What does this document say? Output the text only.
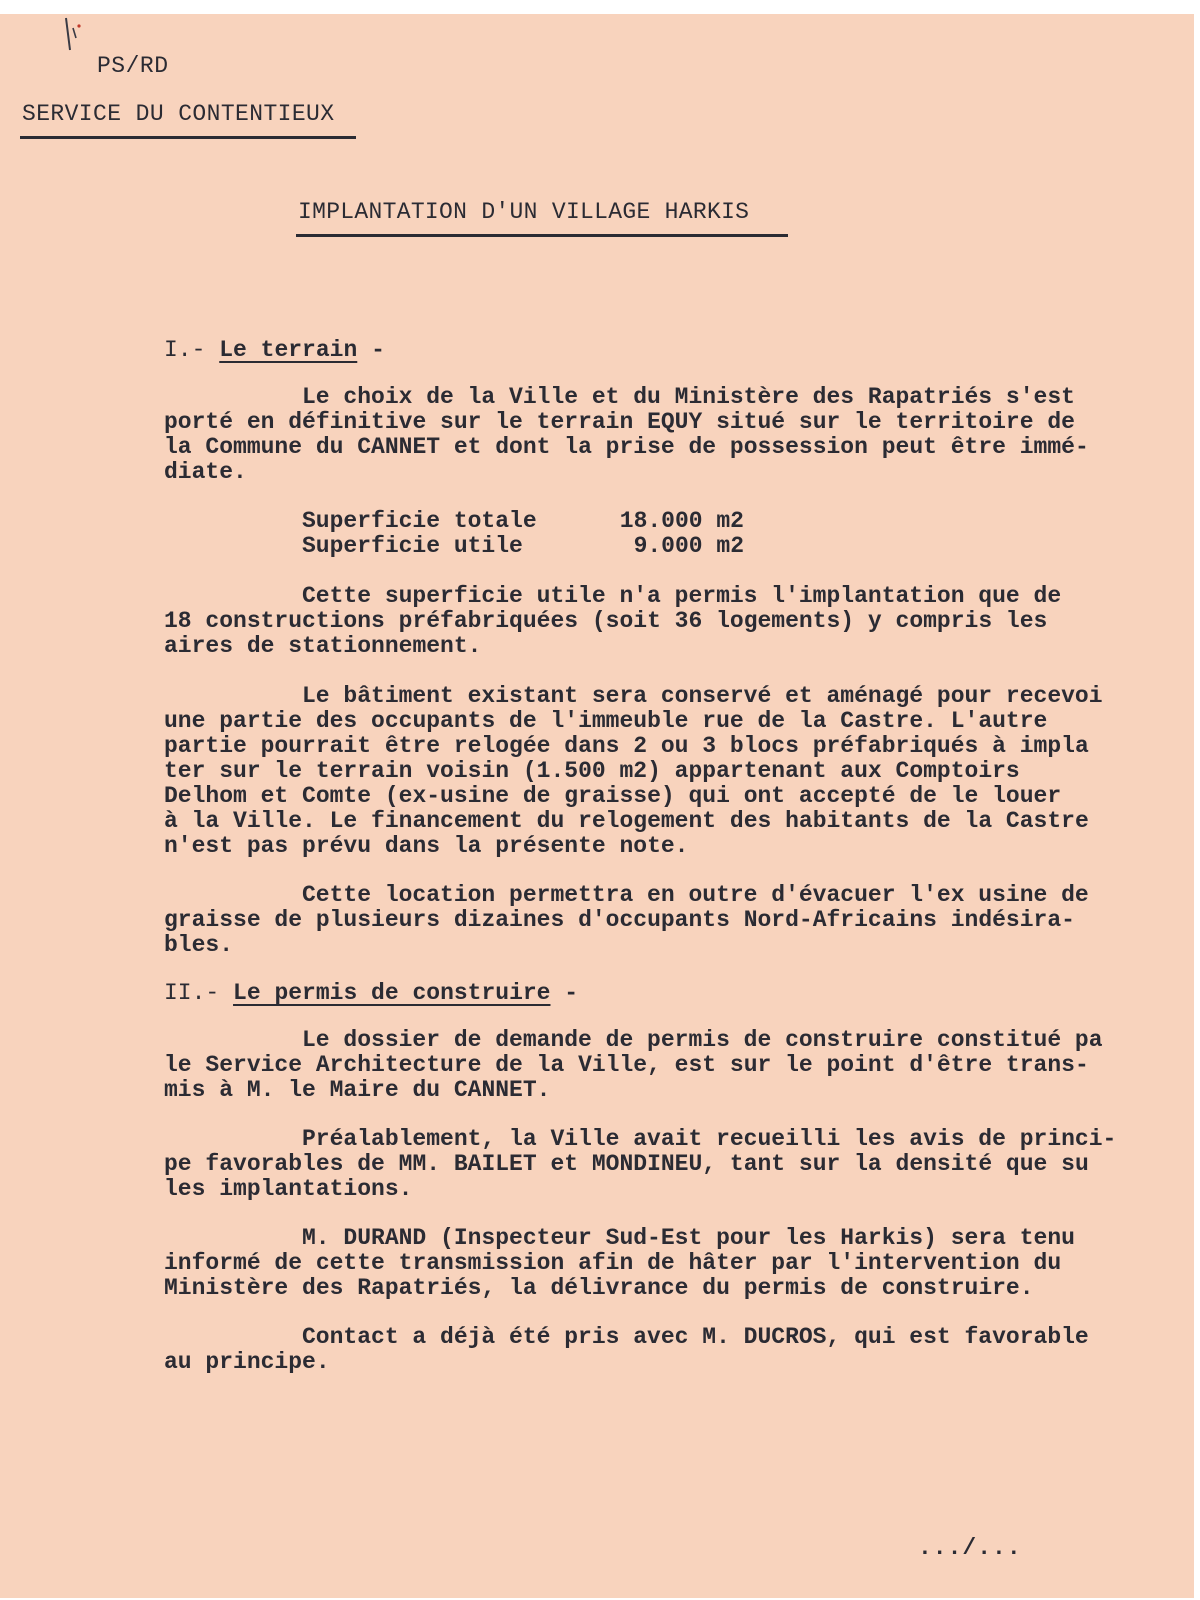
PS/RD
SERVICE DU CONTENTIEUX
IMPLANTATION D'UN VILLAGE HARKIS
I.- Le terrain -
Le choix de la Ville et du Ministère des Rapatriés s'est
porté en définitive sur le terrain EQUY situé sur le territoire de
la Commune du CANNET et dont la prise de possession peut être immé-
diate.
Superficie totale	18.000 m2
Superficie utile	9.000 m2
Cette superficie utile n'a permis l'implantation que de
18 constructions préfabriquées (soit 36 logements) y compris les
aires de stationnement.
Le bâtiment existant sera conservé et aménagé pour recevoi
une partie des occupants de l'immeuble rue de la Castre. L'autre
partie pourrait être relogée dans 2 ou 3 blocs préfabriqués à impla
ter sur le terrain voisin (1.500 m2) appartenant aux Comptoirs
Delhom et Comte (ex-usine de graisse) qui ont accepté de le louer
à la Ville. Le financement du relogement des habitants de la Castre
n'est pas prévu dans la présente note.
Cette location permettra en outre d'évacuer l'ex usine de
graisse de plusieurs dizaines d'occupants Nord-Africains indésira-
bles.
II.- Le permis de construire -
Le dossier de demande de permis de construire constitué pa
le Service Architecture de la Ville, est sur le point d'être trans-
mis à M. le Maire du CANNET.
Préalablement, la Ville avait recueilli les avis de princi-
pe favorables de MM. BAILET et MONDINEU, tant sur la densité que su
les implantations.
M. DURAND (Inspecteur Sud-Est pour les Harkis) sera tenu
informé de cette transmission afin de hâter par l'intervention du
Ministère des Rapatriés, la délivrance du permis de construire.
Contact a déjà été pris avec M. DUCROS, qui est favorable
au principe.
.../...
